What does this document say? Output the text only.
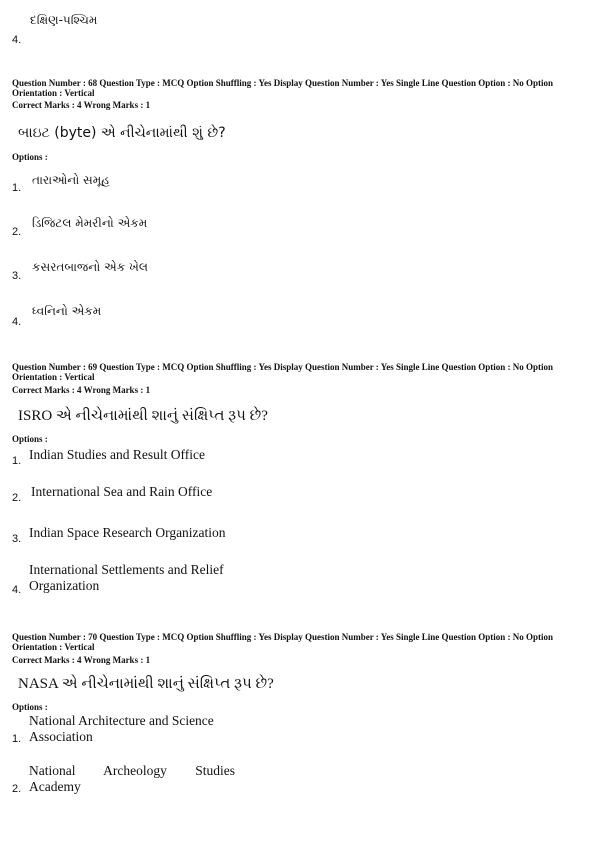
દક્ષિણ-પશ્ચિમ
4.
Question Number : 68 Question Type : MCQ Option Shuffling : Yes Display Question Number : Yes Single Line Question Option : No Option Orientation : Vertical
Correct Marks : 4 Wrong Marks : 1
બાઇટ (byte) એ નીચેનામાંથી શું છે?
Options :
તારાઓનો સમૂહ
1.
ડિજિટલ મેમરીનો એકમ
2.
કસરતબાજનો એક ખેલ
3.
ધ્વનિનો એકમ
4.
Question Number : 69 Question Type : MCQ Option Shuffling : Yes Display Question Number : Yes Single Line Question Option : No Option Orientation : Vertical
Correct Marks : 4 Wrong Marks : 1
ISRO એ નીચેનામાંથી શાનું સંક્ષિપ્ત રૂપ છે?
Options :
Indian Studies and Result Office
1.
International Sea and Rain Office
2.
Indian Space Research Organization
3.
International Settlements and Relief Organization
4.
Question Number : 70 Question Type : MCQ Option Shuffling : Yes Display Question Number : Yes Single Line Question Option : No Option Orientation : Vertical
Correct Marks : 4 Wrong Marks : 1
NASA એ નીચેનામાંથી શાનું સંક્ષિપ્ત રૂપ છે?
Options :
National Architecture and Science Association
1.
National Archeology Studies Academy
2.
